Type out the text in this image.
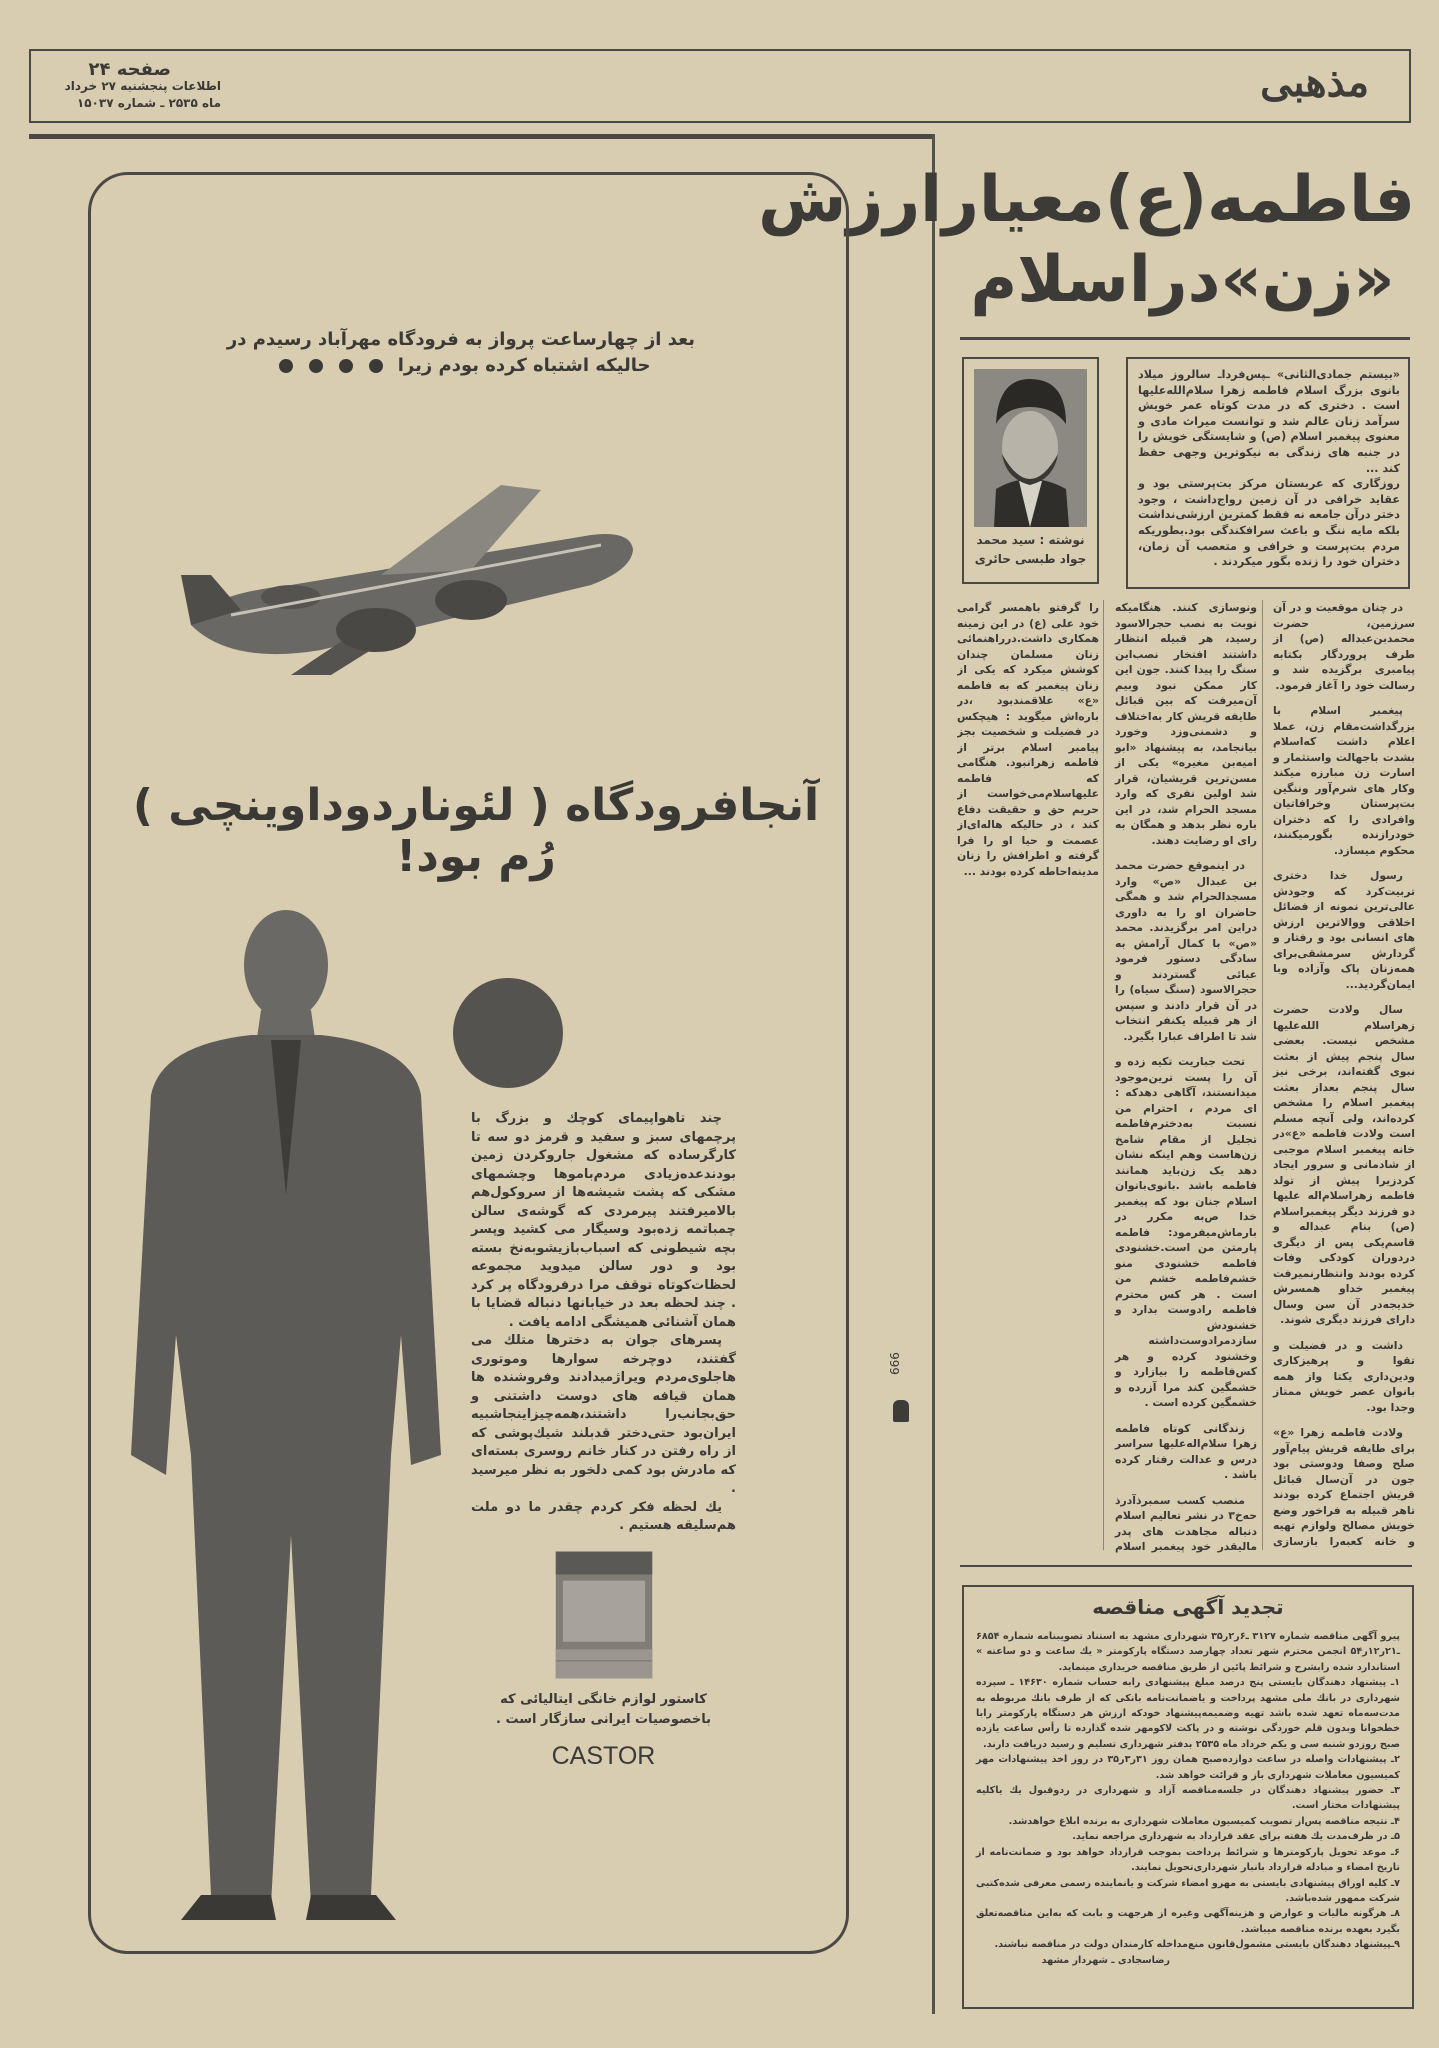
مذهبی
صفحه ۲۴
اطلاعات پنجشنبه ۲۷ خرداد
ماه ۲۵۳۵ ـ شماره ۱۵۰۳۷
فاطمه(ع)معیارارزش
«زن»دراسلام
نوشته : سید محمد جواد طبسی حائری
«بیستم جمادی‌الثانی» ـپس‌فرداـ سالروز میلاد بانوی بزرگ اسلام فاطمه زهرا سلام‌الله‌علیها است . دختری که در مدت کوتاه عمر خویش سرآمد زنان عالم شد و توانست میراث مادی و معنوی پیغمبر اسلام (ص) و شایستگی خویش را در جنبه های زندگی به نیکوترین وجهی حفظ کند ...
روزگاری که عربستان مرکز بت‌پرستی بود و عقاید خرافی در آن زمین رواج‌داشت ، وجود دختر درآن جامعه نه فقط کمترین ارزشی‌نداشت بلکه مایه ننگ و باعث سرافکندگی بود.بطوریکه مردم بت‌پرست و خرافی و متعصب آن زمان، دختران خود را زنده بگور میکردند .

در چنان موقعیت و در آن سرزمین، حضرت محمدبن‌عبداله (ص) از طرف پروردگار بکتابه پیامبری برگزیده شد و رسالت خود را آغاز فرمود.

پیغمبر اسلام با بزرگداشت‌مقام زن، عملا اعلام داشت که‌اسلام بشدت باجهالت واستثمار و اسارت زن مبارزه میکند وکار های شرم‌آور وننگین بت‌پرستان وخرافاتیان وافرادی را که دختران خودرازنده بگورمیکنند، محکوم میسازد.

رسول خدا دختری تربیت‌کرد که وجودش عالی‌ترین نمونه از فضائل اخلاقی ووالاترین ارزش های انسانی بود و رفتار و گردارش سرمشقی‌برای همه‌زنان پاک وآزاده وبا ایمان‌گردید...

سال ولادت حضرت زهراسلام الله‌علیها مشخص نیست. بعضی سال پنجم پیش از بعثت نبوی گفته‌اند، برخی نیز سال پنجم بعداز بعثت پیغمبر اسلام را مشخص کرده‌اند، ولی آنچه مسلم است ولادت فاطمه «ع»در خانه پیغمبر اسلام موجبی از شادمانی و سرور ایجاد کردزیرا پیش از تولد فاطمه زهراسلام‌اله علیها دو فرزند دیگر پیغمبراسلام (ص) بنام عبداله و قاسم‌یکی پس از دیگری دردوران کودکی وفات کرده بودند وانتظارنمیرفت پیغمبر خداو همسرش خدیجه‌در آن سن وسال دارای فرزند دیگری شوند.

داشت و در فضیلت و تقوا و پرهیزکاری ودین‌داری یکتا واز همه بانوان عصر خویش ممتاز وجدا بود.

ولادت فاطمه زهرا «ع» برای طایفه قریش پیام‌آور صلح وصفا ودوستی بود جون در آن‌سال قبائل قریش اجتماع کرده بودند تاهر قبیله به فراخور وضع خویش مصالح ولوازم تهیه و خانه کعبه‌را بازسازی ونوسازی کنند. هنگامیکه نوبت به نصب حجرالاسود رسید، هر قبیله انتظار داشتند افتخار نصب‌این سنگ را پیدا کنند. جون این کار ممکن نبود وبیم آن‌میرفت که بین قبائل طایفه قریش کار به‌اختلاف و دشمنی‌وزد وخورد بیانجامد، به پیشنهاد «ابو امیه‌بن مغیره» یکی از مسن‌ترین قریشیان، قرار شد اولین نفری که وارد مسجد الحرام شد، در این باره نظر بدهد و همگان به رای او رضایت دهند.

در اینموقع حضرت محمد بن عبدال «ص» وارد مسجدالحرام شد و همگی حاضران او را به داوری دراین امر برگزیدند. محمد «ص» با کمال آرامش به سادگی دستور فرمود عبائی گستردند و حجرالاسود (سنگ سیاه) را در آن قرار دادند و سپس از هر قبیله یکنفر انتخاب شد تا اطراف عبارا بگیرد.

تحت جباریت تکیه زده و آن را پست ترین‌موجود میدانستند، آگاهی دهدکه : ای مردم ، احترام من نسبت به‌دخترم‌فاطمه تجلیل از مقام شامخ زن‌هاست وهم اینکه نشان دهد یک زن‌باید همانند فاطمه باشد .بانوی‌بانوان اسلام جنان بود که پیغمبر خدا ص‌به مکرر در بارماش‌میفرمود: فاطمه پارمتن من است.خشنودی فاطمه خشنودی منو خشم‌فاطمه خشم من است . هر کس محترم فاطمه رادوست بدارد و خشنودش سازدمرادوست‌داشته وخشنود کرده و هر کس‌فاطمه را بیازارد و خشمگین کند مرا آزرده و خشمگین کرده است .

زندگانی کوتاه فاطمه زهرا سلام‌اله‌علیها سراسر درس و عدالت رفتار کرده باشد .

منصب کسب سمبرذآدرذ حه‌خ٣ در نشر تعالیم اسلام دنباله مجاهدت های پدر مالیقدر خود پیغمبر اسلام را گرفتو باهمسر گرامی خود علی (ع) در این زمینه همکاری داشت.درراهنمائی زنان مسلمان چندان کوشش میکرد که یکی از زنان پیغمبر که به فاطمه «ع» علاقمندبود ،در باره‌اش میگوید : هیچکس در فضیلت و شخصیت بجز پیامبر اسلام برتر از فاطمه زهرانبود. هنگامی که فاطمه علیهاسلام‌می‌خواست از حریم حق و حقیقت دفاع کند ، در حالیکه هاله‌ای‌از عصمت و حیا او را فرا گرفته و اطرافش را زنان مدینه‌احاطه کرده بودند ...

تجدید آگهی مناقصه

پیرو آگهی مناقصه شماره ۳۱۲۷ ـ۶ر۲ر۳۵ شهرداری مشهد به استناد تصویبنامه شماره ۶۸۵۴ ـ۲۱ر۱۲ر۵۴ انجمن محترم شهر تعداد چهارصد دستگاه پارکومتر « یك ساعت و دو ساعته » استاندارد شده رابشرح و شرائط پائین از طریق مناقصه خریداری مینماید.

۱ـ پیشنهاد دهندگان بایستی پنج درصد مبلغ پیشنهادی رابه حساب شماره ۱۴۶۳۰ ـ سپرده شهرداری در بانك ملی مشهد پرداخت و یاضمانت‌نامه بانکی که از طرف بانك مربوطه به مدت‌سه‌ماه تعهد شده باشد تهیه وضمیمه‌پیشنهاد خودکه ارزش هر دستگاه پارکومتر رابا خطخوانا وبدون قلم خوردگی نوشته و در پاکت لاکومهر شده گذارده تا رأس ساعت یازده صبح روزدو شنبه سی و یکم خرداد ماه ۲۵۳۵ بدفتر شهرداری تسلیم و رسید دریافت دارند.

۲ـ پیشنهادات واصله در ساعت دوازده‌صبح همان روز ۳۱ر۳ر۳۵ در روز اخذ پیشنهادات مهر کمیسیون معاملات شهرداری باز و قرائت خواهد شد.

۳ـ حضور پیشنهاد دهندگان در جلسه‌مناقصه آزاد و شهرداری در ردوقبول یك یاکلیه پیشنهادات مختار است.

۴ـ نتیجه مناقصه پس‌از تصویب کمیسیون معاملات شهرداری به برنده ابلاغ خواهدشد.

۵ـ در ظرف‌مدت یك هفته برای عقد قرارداد به شهرداری مراجعه نماید.

۶ـ موعد تحویل پارکومترها و شرائط پرداخت بموجب قرارداد خواهد بود و ضمانت‌نامه از تاریخ امضاء و مبادله قرارداد بانبار شهرداری‌تحویل نمایند.

۷ـ کلیه اوراق پیشنهادی بایستی به مهرو امضاء شرکت و یانماینده رسمی معرفی شده‌کتبی شرکت ممهور شده‌باشد.

۸ـ هرگونه مالیات و عوارض و هزینه‌آگهی وغیره از هرجهت و بابت که به‌این مناقصه‌تعلق بگیرد بعهده برنده مناقصه میباشد.

۹ـپیشنهاد دهندگان بایستی مشمول‌قانون منع‌مداخله کارمندان دولت در مناقصه نباشند.

رضاسجادی ـ شهردار مشهد

بعد از چهارساعت پرواز به فرودگاه مهرآباد رسیدم در حالیکه اشتباه کرده بودم زیرا
آنجافرودگاه ( لئوناردوداوینچی ) رُم بود!

چند تاهواپیمای کوچك و بزرگ با پرچمهای سبز و سفید و قرمز دو سه تا کارگرساده که مشغول جاروکردن زمین بودندعده‌زیادی مردم‌باموها وچشمهای مشکی که پشت شیشه‌ها از سروکول‌هم بالامیرفتند پیرمردی که گوشه‌ی سالن چمباتمه زده‌بود وسیگار می کشید وپسر بچه شیطونی که اسباب‌بازیشوبه‌نخ بسته بود و دور سالن میدوید مجموعه لحظات‌کوتاه توقف مرا درفرودگاه پر کرد . چند لحظه بعد در خیابانها دنباله قضایا با همان آشنائی همیشگی ادامه یافت .

پسرهای جوان به دخترها متلك می گفتند، دوچرخه سوارها وموتوری هاجلوی‌مردم ویراژمیدادند وفروشنده ها همان قیافه های دوست داشتنی و حق‌بجانب‌را داشتند،همه‌چیزاینجاشبیه ایران‌بود حتی‌دختر قدبلند شیك‌پوشی که از راه رفتن در کنار خانم روسری بسته‌ای که مادرش بود کمی دلخور به نظر میرسید .

یك لحظه فکر کردم چقدر ما دو ملت هم‌سلیقه هستیم .

کاستور لوازم خانگی ایتالیائی که باخصوصیات ایرانی سازگار است .
CASTOR
666
